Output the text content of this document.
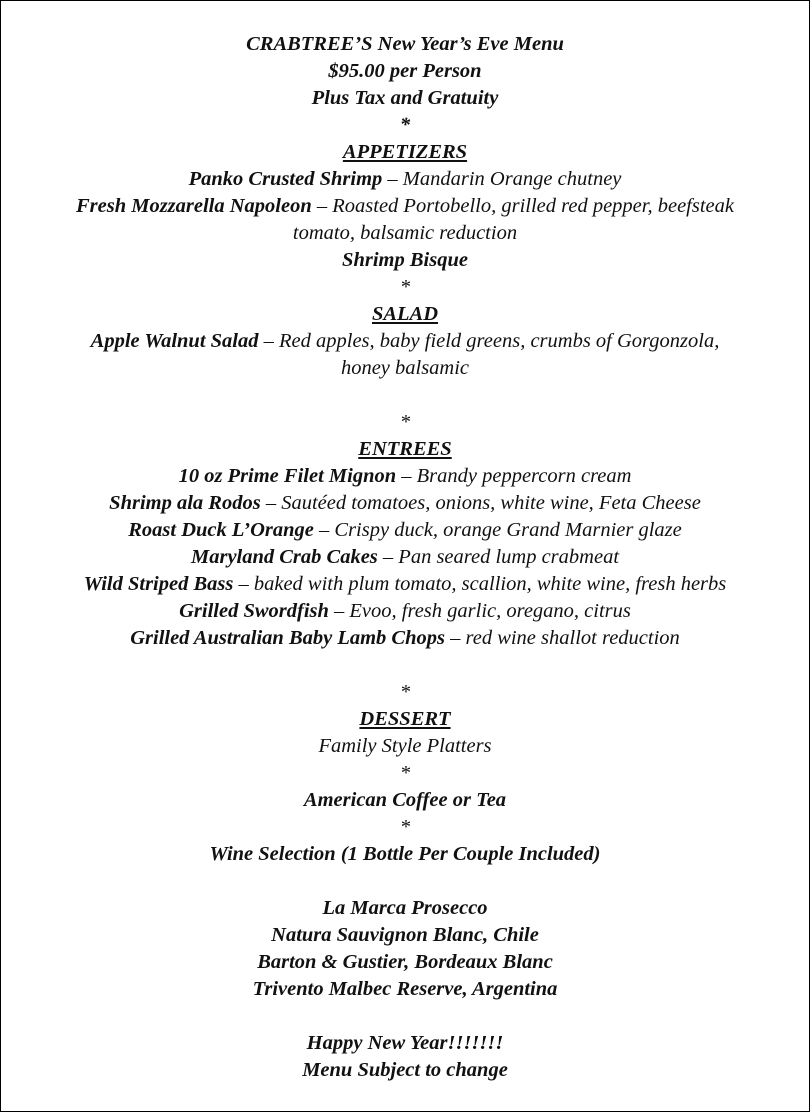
CRABTREE’S New Year’s Eve Menu
$95.00 per Person
Plus Tax and Gratuity
*
APPETIZERS
Panko Crusted Shrimp – Mandarin Orange chutney
Fresh Mozzarella Napoleon – Roasted Portobello, grilled red pepper, beefsteak
tomato, balsamic reduction
Shrimp Bisque
*
SALAD
Apple Walnut Salad – Red apples, baby field greens, crumbs of Gorgonzola,
honey balsamic
*
ENTREES
10 oz Prime Filet Mignon – Brandy peppercorn cream
Shrimp ala Rodos – Sautéed tomatoes, onions, white wine, Feta Cheese
Roast Duck L’Orange – Crispy duck, orange Grand Marnier glaze
Maryland Crab Cakes – Pan seared lump crabmeat
Wild Striped Bass – baked with plum tomato, scallion, white wine, fresh herbs
Grilled Swordfish – Evoo, fresh garlic, oregano, citrus
Grilled Australian Baby Lamb Chops – red wine shallot reduction
*
DESSERT
Family Style Platters
*
American Coffee or Tea
*
Wine Selection (1 Bottle Per Couple Included)
La Marca Prosecco
Natura Sauvignon Blanc, Chile
Barton & Gustier, Bordeaux Blanc
Trivento Malbec Reserve, Argentina
Happy New Year!!!!!!!
Menu Subject to change
